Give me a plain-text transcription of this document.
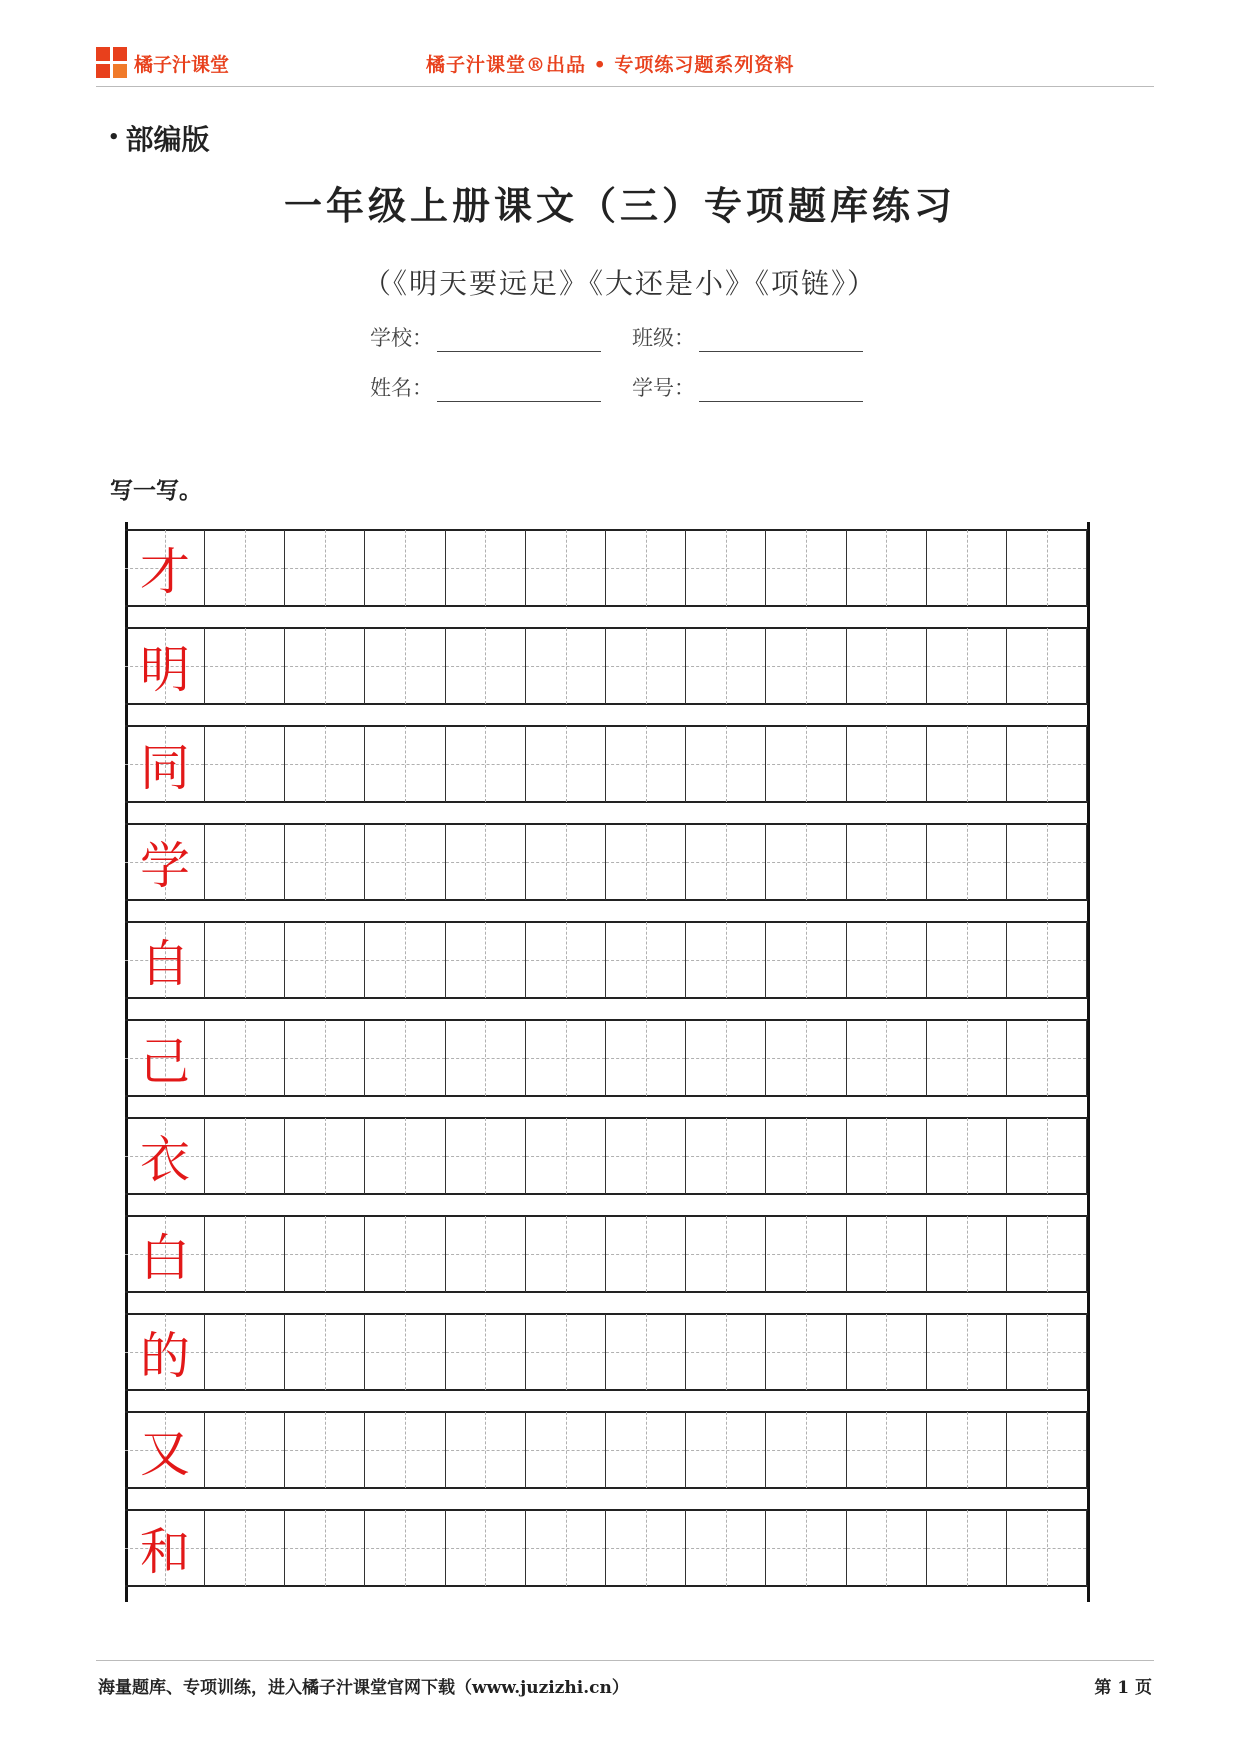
橘子汁课堂	橘子汁课堂®出品 • 专项练习题系列资料
• 部编版
一年级上册课文（三）专项题库练习
（《明天要远足》《大还是小》《项链》）
学校：	班级：
姓名：	学号：
写一写。
才
明
同
学
自
己
衣
白
的
又
和
海量题库、专项训练，进入橘子汁课堂官网下载（www.juzizhi.cn）	第 1 页
